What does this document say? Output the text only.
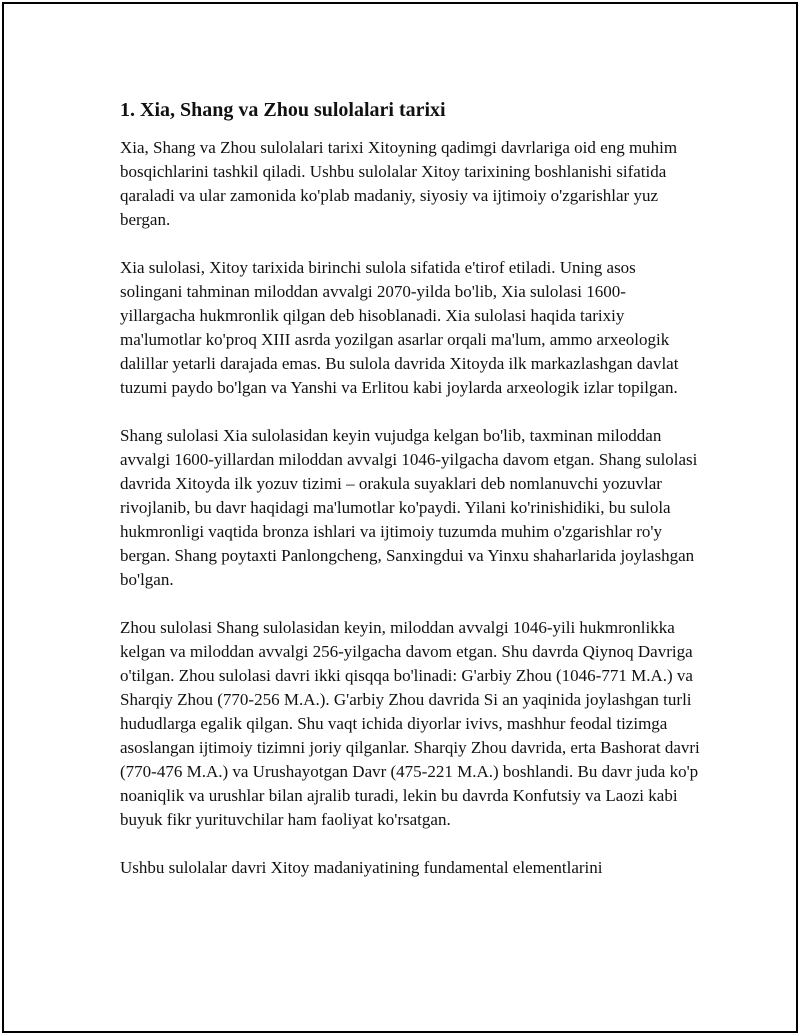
1. Xia, Shang va Zhou sulolalari tarixi

Xia, Shang va Zhou sulolalari tarixi Xitoyning qadimgi davrlariga oid eng muhim bosqichlarini tashkil qiladi. Ushbu sulolalar Xitoy tarixining boshlanishi sifatida qaraladi va ular zamonida ko'plab madaniy, siyosiy va ijtimoiy o'zgarishlar yuz bergan.

Xia sulolasi, Xitoy tarixida birinchi sulola sifatida e'tirof etiladi. Uning asos solingani tahminan miloddan avvalgi 2070-yilda bo'lib, Xia sulolasi 1600-yillargacha hukmronlik qilgan deb hisoblanadi. Xia sulolasi haqida tarixiy ma'lumotlar ko'proq XIII asrda yozilgan asarlar orqali ma'lum, ammo arxeologik dalillar yetarli darajada emas. Bu sulola davrida Xitoyda ilk markazlashgan davlat tuzumi paydo bo'lgan va Yanshi va Erlitou kabi joylarda arxeologik izlar topilgan.

Shang sulolasi Xia sulolasidan keyin vujudga kelgan bo'lib, taxminan miloddan avvalgi 1600-yillardan miloddan avvalgi 1046-yilgacha davom etgan. Shang sulolasi davrida Xitoyda ilk yozuv tizimi – orakula suyaklari deb nomlanuvchi yozuvlar rivojlanib, bu davr haqidagi ma'lumotlar ko'paydi. Yilani ko'rinishidiki, bu sulola hukmronligi vaqtida bronza ishlari va ijtimoiy tuzumda muhim o'zgarishlar ro'y bergan. Shang poytaxti Panlongcheng, Sanxingdui va Yinxu shaharlarida joylashgan bo'lgan.

Zhou sulolasi Shang sulolasidan keyin, miloddan avvalgi 1046-yili hukmronlikka kelgan va miloddan avvalgi 256-yilgacha davom etgan. Shu davrda Qiynoq Davriga o'tilgan. Zhou sulolasi davri ikki qisqqa bo'linadi: G'arbiy Zhou (1046-771 M.A.) va Sharqiy Zhou (770-256 M.A.). G'arbiy Zhou davrida Si an yaqinida joylashgan turli hududlarga egalik qilgan. Shu vaqt ichida diyorlar ivivs, mashhur feodal tizimga asoslangan ijtimoiy tizimni joriy qilganlar. Sharqiy Zhou davrida, erta Bashorat davri (770-476 M.A.) va Urushayotgan Davr (475-221 M.A.) boshlandi. Bu davr juda ko'p noaniqlik va urushlar bilan ajralib turadi, lekin bu davrda Konfutsiy va Laozi kabi buyuk fikr yurituvchilar ham faoliyat ko'rsatgan.

Ushbu sulolalar davri Xitoy madaniyatining fundamental elementlarini
